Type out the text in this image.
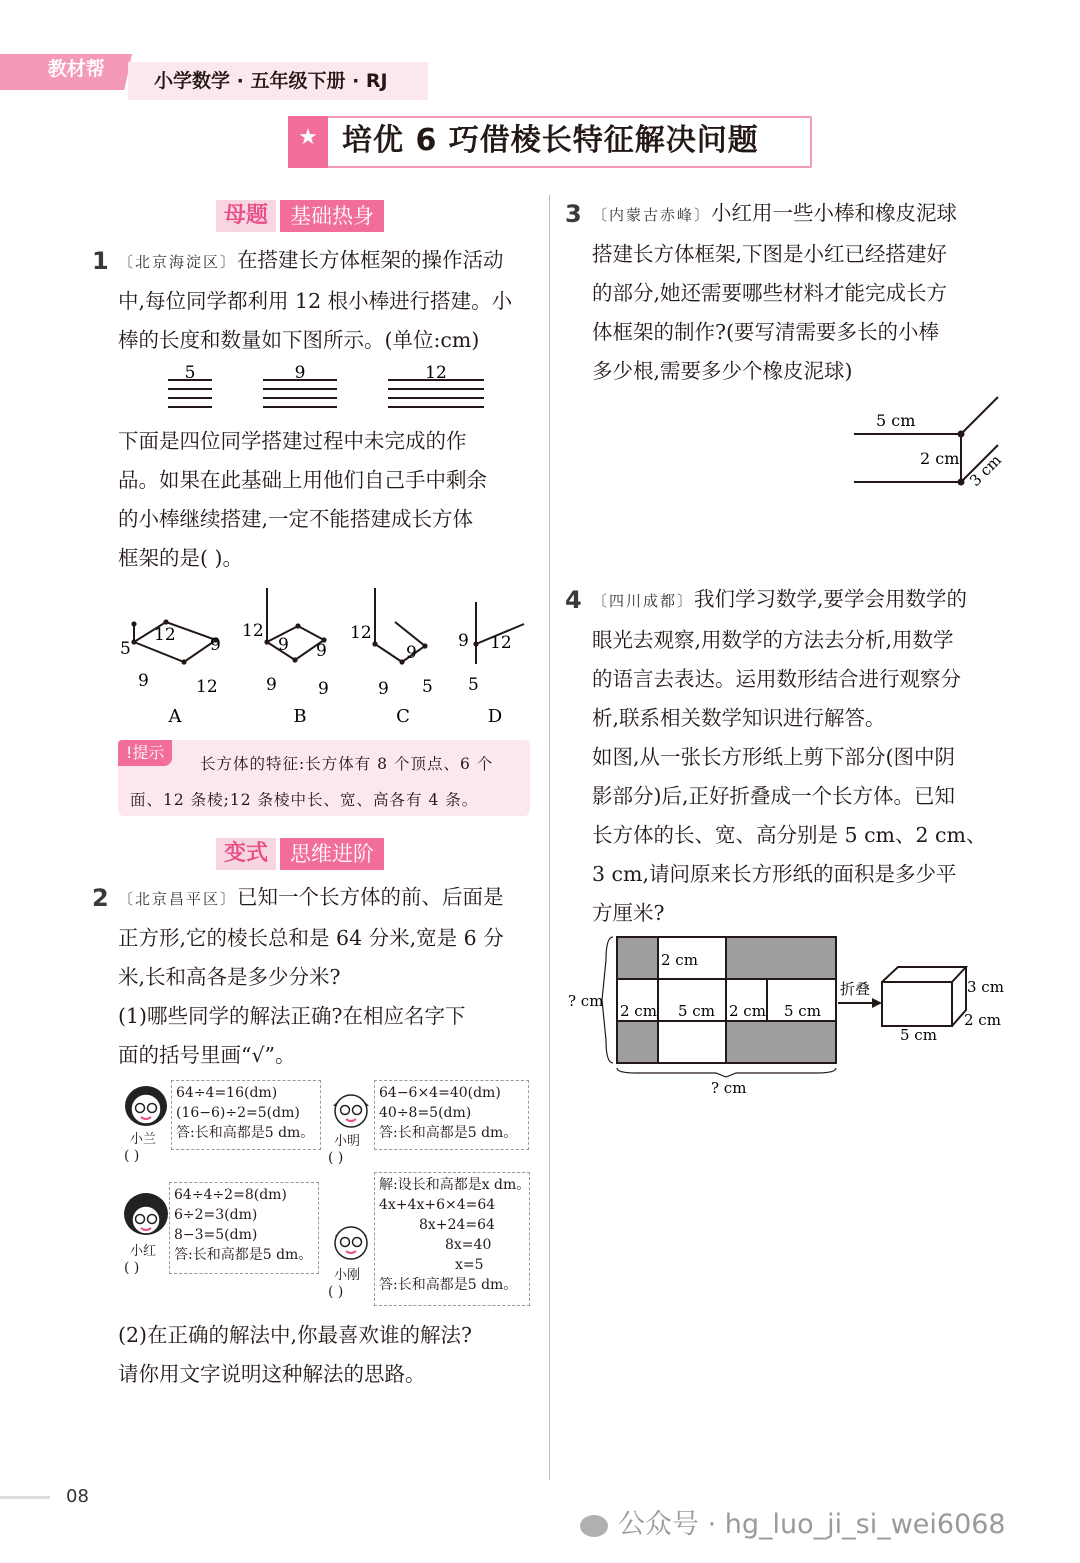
教材帮
小学数学 · 五年级下册 · RJ
★ 培优 6 巧借棱长特征解决问题
母题	基础热身
1 〔北京海淀区〕在搭建长方体框架的操作活动
中,每位同学都利用 12 根小棒进行搭建。小
棒的长度和数量如下图所示。(单位:cm)
5	9	12
下面是四位同学搭建过程中未完成的作
品。如果在此基础上用他们自己手中剩余
的小棒继续搭建,一定不能搭建成长方体
框架的是( )。
5
12 9
9	12
12
9 9
9 9
12
9
9 5
9 12
5
A	B	C	D
!提示
长方体的特征:长方体有 8 个顶点、6 个
面、12 条棱;12 条棱中长、宽、高各有 4 条。
变式	思维进阶
2 〔北京昌平区〕已知一个长方体的前、后面是
正方形,它的棱长总和是 64 分米,宽是 6 分
米,长和高各是多少分米?
(1)哪些同学的解法正确?在相应名字下
面的括号里画“√”。
小兰
( )
64÷4=16(dm)
(16−6)÷2=5(dm)
答:长和高都是5 dm。
小明
( )
64−6×4=40(dm)
40÷8=5(dm)
答:长和高都是5 dm。
小红
( )
64÷4÷2=8(dm)
6÷2=3(dm)
8−3=5(dm)
答:长和高都是5 dm。
小刚
( )
解:设长和高都是x dm。
4x+4x+6×4=64
8x+24=64
8x=40
x=5
答:长和高都是5 dm。
(2)在正确的解法中,你最喜欢谁的解法?
请你用文字说明这种解法的思路。
3 〔内蒙古赤峰〕小红用一些小棒和橡皮泥球
搭建长方体框架,下图是小红已经搭建好
的部分,她还需要哪些材料才能完成长方
体框架的制作?(要写清需要多长的小棒
多少根,需要多少个橡皮泥球)
5 cm
2 cm 3 cm
4 〔四川成都〕我们学习数学,要学会用数学的
眼光去观察,用数学的方法去分析,用数学
的语言去表达。运用数形结合进行观察分
析,联系相关数学知识进行解答。
如图,从一张长方形纸上剪下部分(图中阴
影部分)后,正好折叠成一个长方体。已知
长方体的长、宽、高分别是 5 cm、2 cm、
3 cm,请问原来长方形纸的面积是多少平
方厘米?
2 cm
2 cm 5 cm 2 cm 5 cm
? cm
? cm
折叠	3 cm
2 cm
5 cm
08
公众号 · hg_luo_ji_si_wei6068
